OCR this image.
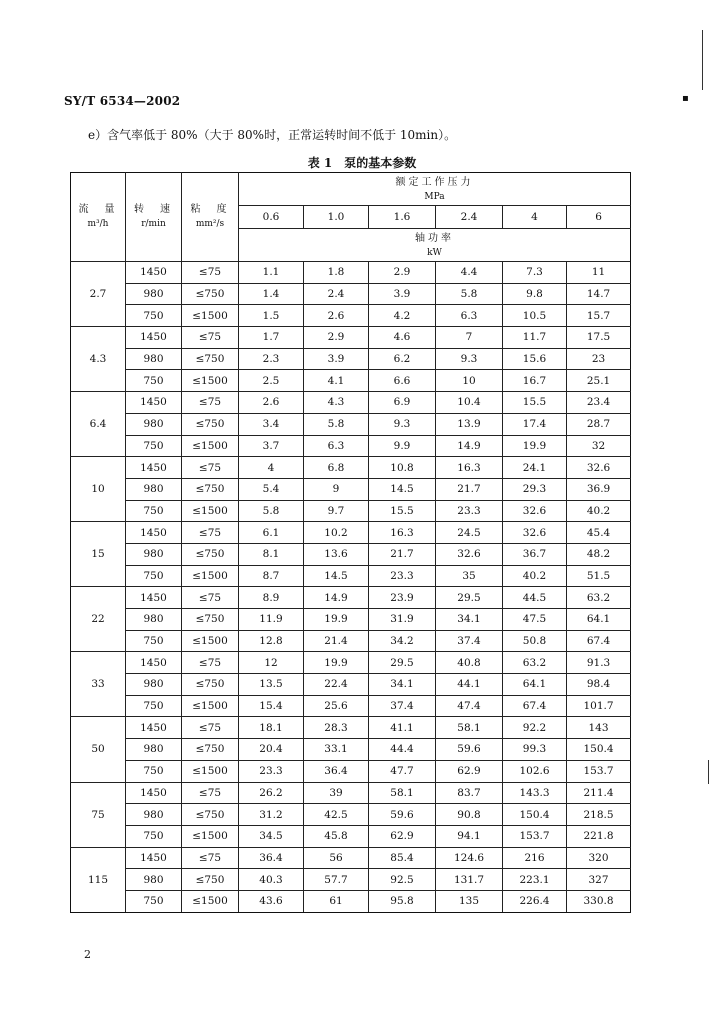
▪
SY/T 6534—2002
e）含气率低于 80%（大于 80%时，正常运转时间不低于 10min）。
表 1　泵的基本参数
流　量
m³/h	转　速
r/min	粘　度
mm²/s	额定工作压力
MPa					

			0.6	1.0	1.6	2.4	4	6

			轴功率
kW					

2.7	1450	≤75	1.1	1.8	2.9	4.4	7.3	11
	980	≤750	1.4	2.4	3.9	5.8	9.8	14.7
	750	≤1500	1.5	2.6	4.2	6.3	10.5	15.7
4.3	1450	≤75	1.7	2.9	4.6	7	11.7	17.5
	980	≤750	2.3	3.9	6.2	9.3	15.6	23
	750	≤1500	2.5	4.1	6.6	10	16.7	25.1
6.4	1450	≤75	2.6	4.3	6.9	10.4	15.5	23.4
	980	≤750	3.4	5.8	9.3	13.9	17.4	28.7
	750	≤1500	3.7	6.3	9.9	14.9	19.9	32
10	1450	≤75	4	6.8	10.8	16.3	24.1	32.6
	980	≤750	5.4	9	14.5	21.7	29.3	36.9
	750	≤1500	5.8	9.7	15.5	23.3	32.6	40.2
15	1450	≤75	6.1	10.2	16.3	24.5	32.6	45.4
	980	≤750	8.1	13.6	21.7	32.6	36.7	48.2
	750	≤1500	8.7	14.5	23.3	35	40.2	51.5
22	1450	≤75	8.9	14.9	23.9	29.5	44.5	63.2
	980	≤750	11.9	19.9	31.9	34.1	47.5	64.1
	750	≤1500	12.8	21.4	34.2	37.4	50.8	67.4
33	1450	≤75	12	19.9	29.5	40.8	63.2	91.3
	980	≤750	13.5	22.4	34.1	44.1	64.1	98.4
	750	≤1500	15.4	25.6	37.4	47.4	67.4	101.7
50	1450	≤75	18.1	28.3	41.1	58.1	92.2	143
	980	≤750	20.4	33.1	44.4	59.6	99.3	150.4
	750	≤1500	23.3	36.4	47.7	62.9	102.6	153.7
75	1450	≤75	26.2	39	58.1	83.7	143.3	211.4
	980	≤750	31.2	42.5	59.6	90.8	150.4	218.5
	750	≤1500	34.5	45.8	62.9	94.1	153.7	221.8
115	1450	≤75	36.4	56	85.4	124.6	216	320
	980	≤750	40.3	57.7	92.5	131.7	223.1	327
	750	≤1500	43.6	61	95.8	135	226.4	330.8
2
